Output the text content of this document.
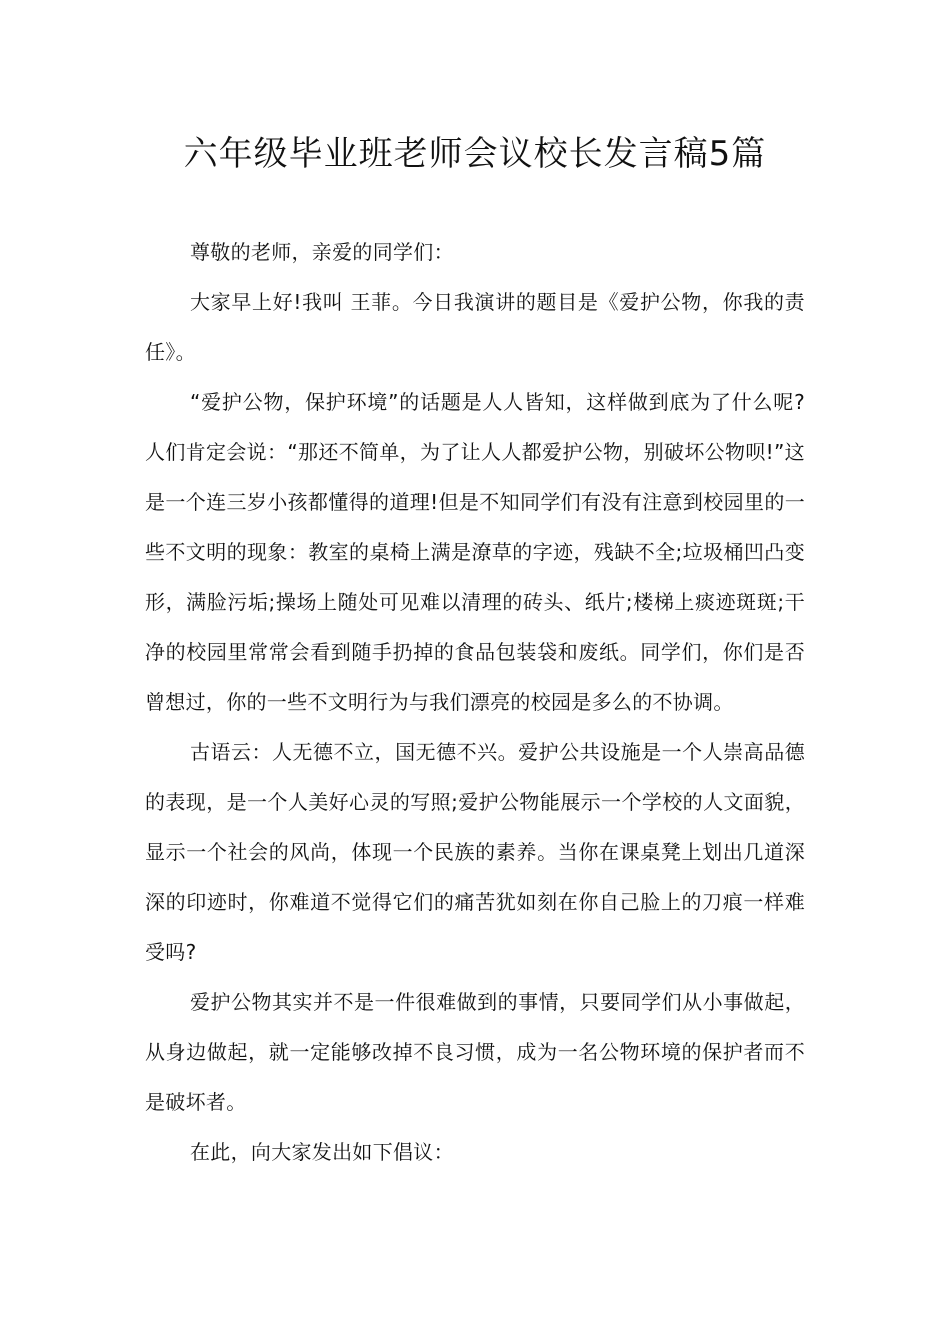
六年级毕业班老师会议校长发言稿5篇

尊敬的老师，亲爱的同学们：

大家早上好!我叫 王菲。今日我演讲的题目是《爱护公物，你我的责任》。

“爱护公物，保护环境”的话题是人人皆知，这样做到底为了什么呢?人们肯定会说：“那还不简单，为了让人人都爱护公物，别破坏公物呗!”这是一个连三岁小孩都懂得的道理!但是不知同学们有没有注意到校园里的一些不文明的现象：教室的桌椅上满是潦草的字迹，残缺不全;垃圾桶凹凸变形，满脸污垢;操场上随处可见难以清理的砖头、纸片;楼梯上痰迹斑斑;干净的校园里常常会看到随手扔掉的食品包装袋和废纸。同学们，你们是否曾想过，你的一些不文明行为与我们漂亮的校园是多么的不协调。

古语云：人无德不立，国无德不兴。爱护公共设施是一个人崇高品德的表现，是一个人美好心灵的写照;爱护公物能展示一个学校的人文面貌，显示一个社会的风尚，体现一个民族的素养。当你在课桌凳上划出几道深深的印迹时，你难道不觉得它们的痛苦犹如刻在你自己脸上的刀痕一样难受吗?

爱护公物其实并不是一件很难做到的事情，只要同学们从小事做起，从身边做起，就一定能够改掉不良习惯，成为一名公物环境的保护者而不是破坏者。

在此，向大家发出如下倡议：
